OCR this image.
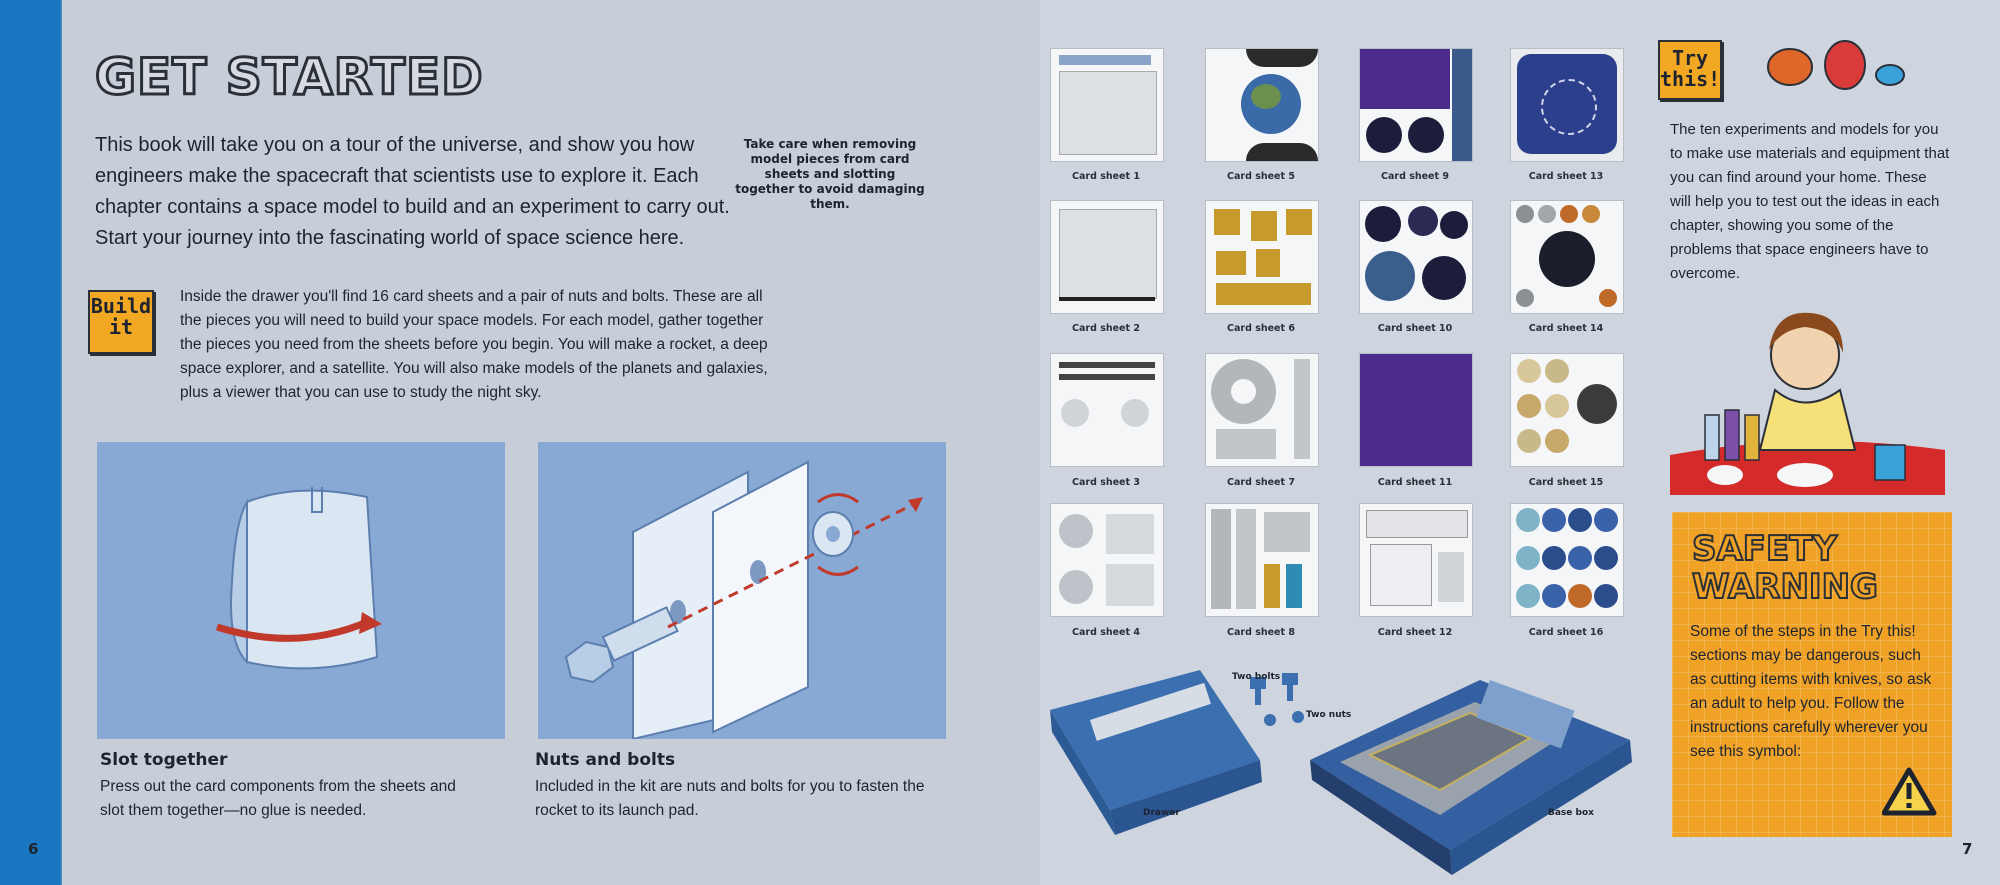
GET STARTED
This book will take you on a tour of the universe, and show you how engineers make the spacecraft that scientists use to explore it. Each chapter contains a space model to build and an experiment to carry out. Start your journey into the fascinating world of space science here.
Take care when removing model pieces from card sheets and slotting together to avoid damaging them.
Build it
Inside the drawer you'll find 16 card sheets and a pair of nuts and bolts. These are all the pieces you will need to build your space models. For each model, gather together the pieces you need from the sheets before you begin. You will make a rocket, a deep space explorer, and a satellite. You will also make models of the planets and galaxies, plus a viewer that you can use to study the night sky.
Slot together
Press out the card components from the sheets and slot them together—no glue is needed.
Nuts and bolts
Included in the kit are nuts and bolts for you to fasten the rocket to its launch pad.
6
Card sheet 1
Card sheet 2
Card sheet 3
Card sheet 4
Card sheet 5
Card sheet 6
Card sheet 7
Card sheet 8
Card sheet 9
Card sheet 10
Card sheet 11
Card sheet 12
Card sheet 13
Card sheet 14
Card sheet 15
Card sheet 16
Two bolts
Two nuts
Drawer	Base box
Try this!
The ten experiments and models for you to make use materials and equipment that you can find around your home. These will help you to test out the ideas in each chapter, showing you some of the problems that space engineers have to overcome.
SAFETY WARNING
Some of the steps in the Try this! sections may be dangerous, such as cutting items with knives, so ask an adult to help you. Follow the instructions carefully wherever you see this symbol:
7
